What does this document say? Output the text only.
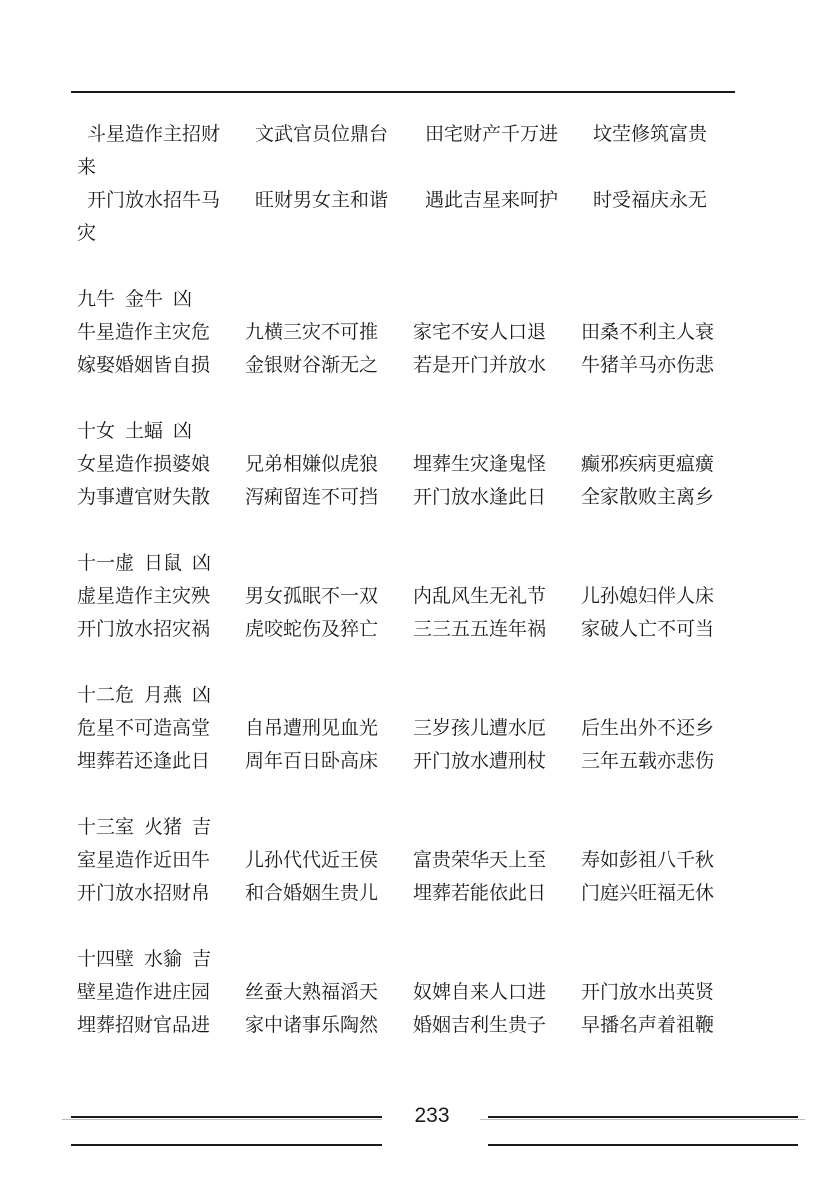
斗星造作主招财 文武官员位鼎台 田宅财产千万进 坟茔修筑富贵
来
开门放水招牛马 旺财男女主和谐 遇此吉星来呵护 时受福庆永无
灾
九牛 金牛 凶
牛星造作主灾危	九横三灾不可推	家宅不安人口退	田桑不利主人衰
嫁娶婚姻皆自损	金银财谷渐无之	若是开门并放水	牛猪羊马亦伤悲
十女 土蝠 凶
女星造作损婆娘	兄弟相嫌似虎狼	埋葬生灾逢鬼怪	癫邪疾病更瘟癀
为事遭官财失散	泻痢留连不可挡	开门放水逢此日	全家散败主离乡
十一虚 日鼠 凶
虚星造作主灾殃	男女孤眠不一双	内乱风生无礼节	儿孙媳妇伴人床
开门放水招灾祸	虎咬蛇伤及猝亡	三三五五连年祸	家破人亡不可当
十二危 月燕 凶
危星不可造高堂	自吊遭刑见血光	三岁孩儿遭水厄	后生出外不还乡
埋葬若还逢此日	周年百日卧高床	开门放水遭刑杖	三年五载亦悲伤
十三室 火猪 吉
室星造作近田牛	儿孙代代近王侯	富贵荣华天上至	寿如彭祖八千秋
开门放水招财帛	和合婚姻生贵儿	埋葬若能依此日	门庭兴旺福无休
十四壁 水貐 吉
壁星造作进庄园	丝蚕大熟福滔天	奴婢自来人口进	开门放水出英贤
埋葬招财官品进	家中诸事乐陶然	婚姻吉利生贵子	早播名声着祖鞭
233
